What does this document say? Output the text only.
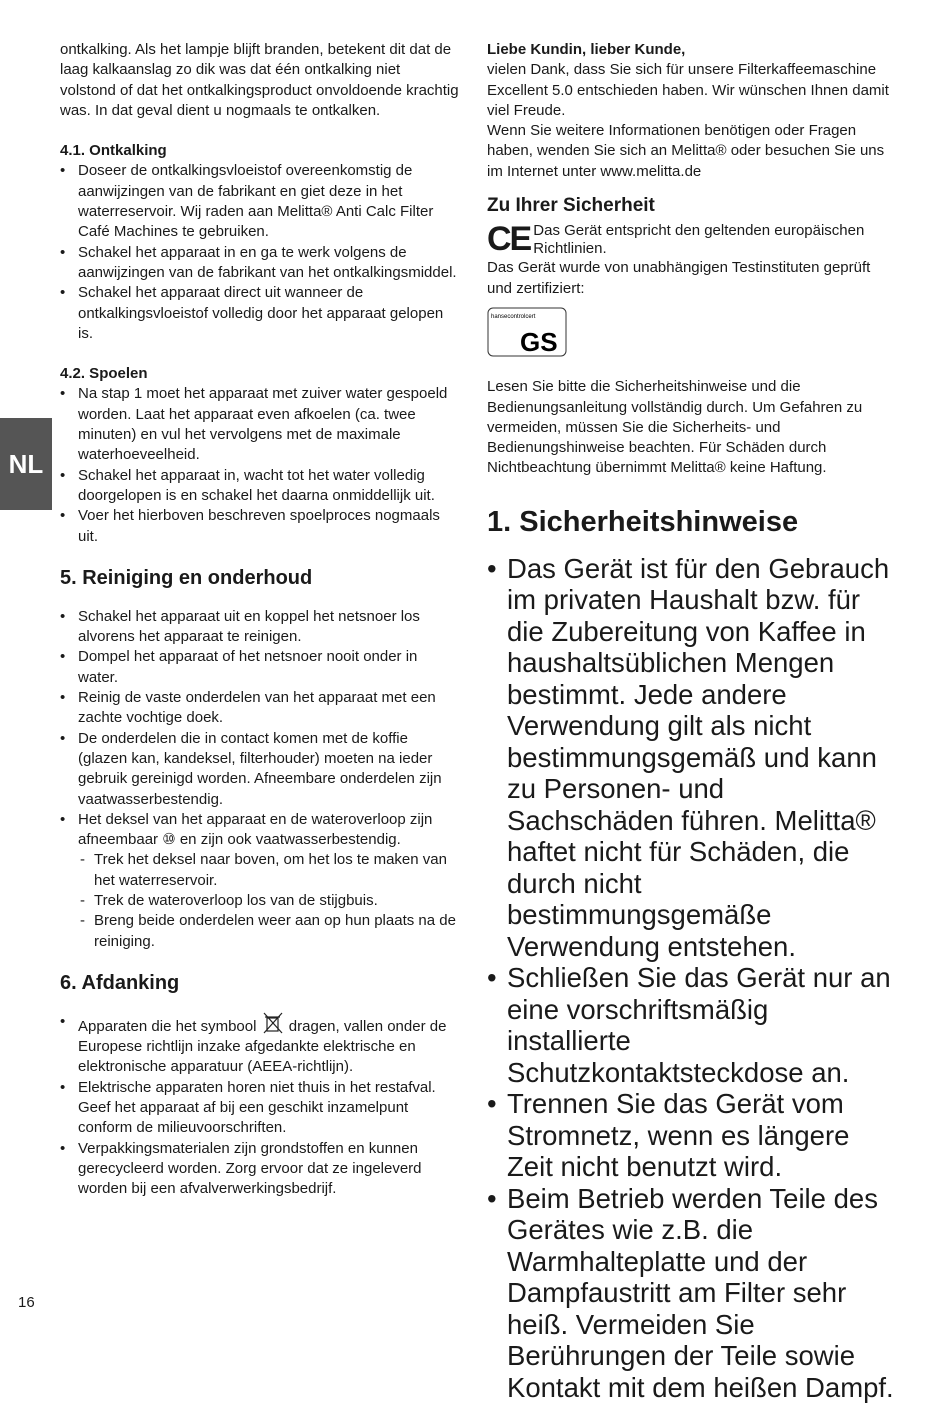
NL

ontkalking. Als het lampje blijft branden, betekent dit dat de laag kalkaanslag zo dik was dat één ontkalking niet volstond of dat het ontkalkingsproduct onvoldoende krachtig was. In dat geval dient u nogmaals te ontkalken.

4.1. Ontkalking

• Doseer de ontkalkingsvloeistof overeenkomstig de aanwijzingen van de fabrikant en giet deze in het waterreservoir. Wij raden aan Melitta® Anti Calc Filter Café Machines te gebruiken.
• Schakel het apparaat in en ga te werk volgens de aanwijzingen van de fabrikant van het ontkalkingsmiddel.
• Schakel het apparaat direct uit wanneer de ontkalkingsvloeistof volledig door het apparaat gelopen is.

4.2. Spoelen

• Na stap 1 moet het apparaat met zuiver water gespoeld worden. Laat het apparaat even afkoelen (ca. twee minuten) en vul het vervolgens met de maximale waterhoeveelheid.
• Schakel het apparaat in, wacht tot het water volledig doorgelopen is en schakel het daarna onmiddellijk uit.
• Voer het hierboven beschreven spoelproces nogmaals uit.
5. Reiniging en onderhoud
• Schakel het apparaat uit en koppel het netsnoer los alvorens het apparaat te reinigen.
• Dompel het apparaat of het netsnoer nooit onder in water.
• Reinig de vaste onderdelen van het apparaat met een zachte vochtige doek.
• De onderdelen die in contact komen met de koffie (glazen kan, kandeksel, filterhouder) moeten na ieder gebruik gereinigd worden. Afneembare onderdelen zijn vaatwasserbestendig.
• Het deksel van het apparaat en de wateroverloop zijn afneembaar ⑩ en zijn ook vaatwasserbestendig.
- Trek het deksel naar boven, om het los te maken van het waterreservoir.
- Trek de wateroverloop los van de stijgbuis.
- Breng beide onderdelen weer aan op hun plaats na de reiniging.
6. Afdanking
• Apparaten die het symbool dragen, vallen onder de Europese richtlijn inzake afgedankte elektrische en elektronische apparatuur (AEEA-richtlijn).
• Elektrische apparaten horen niet thuis in het restafval. Geef het apparaat af bij een geschikt inzamelpunt conform de milieuvoorschriften.
• Verpakkingsmaterialen zijn grondstoffen en kunnen gerecycleerd worden. Zorg ervoor dat ze ingeleverd worden bij een afvalverwerkingsbedrijf.

Liebe Kundin, lieber Kunde,

vielen Dank, dass Sie sich für unsere Filterkaffeemaschine Excellent 5.0 entschieden haben. Wir wünschen Ihnen damit viel Freude.

Wenn Sie weitere Informationen benötigen oder Fragen haben, wenden Sie sich an Melitta® oder besuchen Sie uns im Internet unter www.melitta.de

Zu Ihrer Sicherheit

CE Das Gerät entspricht den geltenden europäischen Richtlinien.

Das Gerät wurde von unabhängigen Testinstituten geprüft und zertifiziert:

hansecontrolcert
GS

Lesen Sie bitte die Sicherheitshinweise und die Bedienungsanleitung vollständig durch. Um Gefahren zu vermeiden, müssen Sie die Sicherheits- und Bedienungshinweise beachten. Für Schäden durch Nichtbeachtung übernimmt Melitta® keine Haftung.

1. Sicherheitshinweise
• Das Gerät ist für den Gebrauch im privaten Haushalt bzw. für die Zubereitung von Kaffee in haushaltsüblichen Mengen bestimmt. Jede andere Verwendung gilt als nicht bestimmungsgemäß und kann zu Personen- und Sachschäden führen. Melitta® haftet nicht für Schäden, die durch nicht bestimmungsgemäße Verwendung entstehen.
• Schließen Sie das Gerät nur an eine vorschriftsmäßig installierte Schutzkontaktsteckdose an.
• Trennen Sie das Gerät vom Stromnetz, wenn es längere Zeit nicht benutzt wird.
• Beim Betrieb werden Teile des Gerätes wie z.B. die Warmhalteplatte und der Dampfaustritt am Filter sehr heiß. Vermeiden Sie Berührungen der Teile sowie Kontakt mit dem heißen Dampf.
16
